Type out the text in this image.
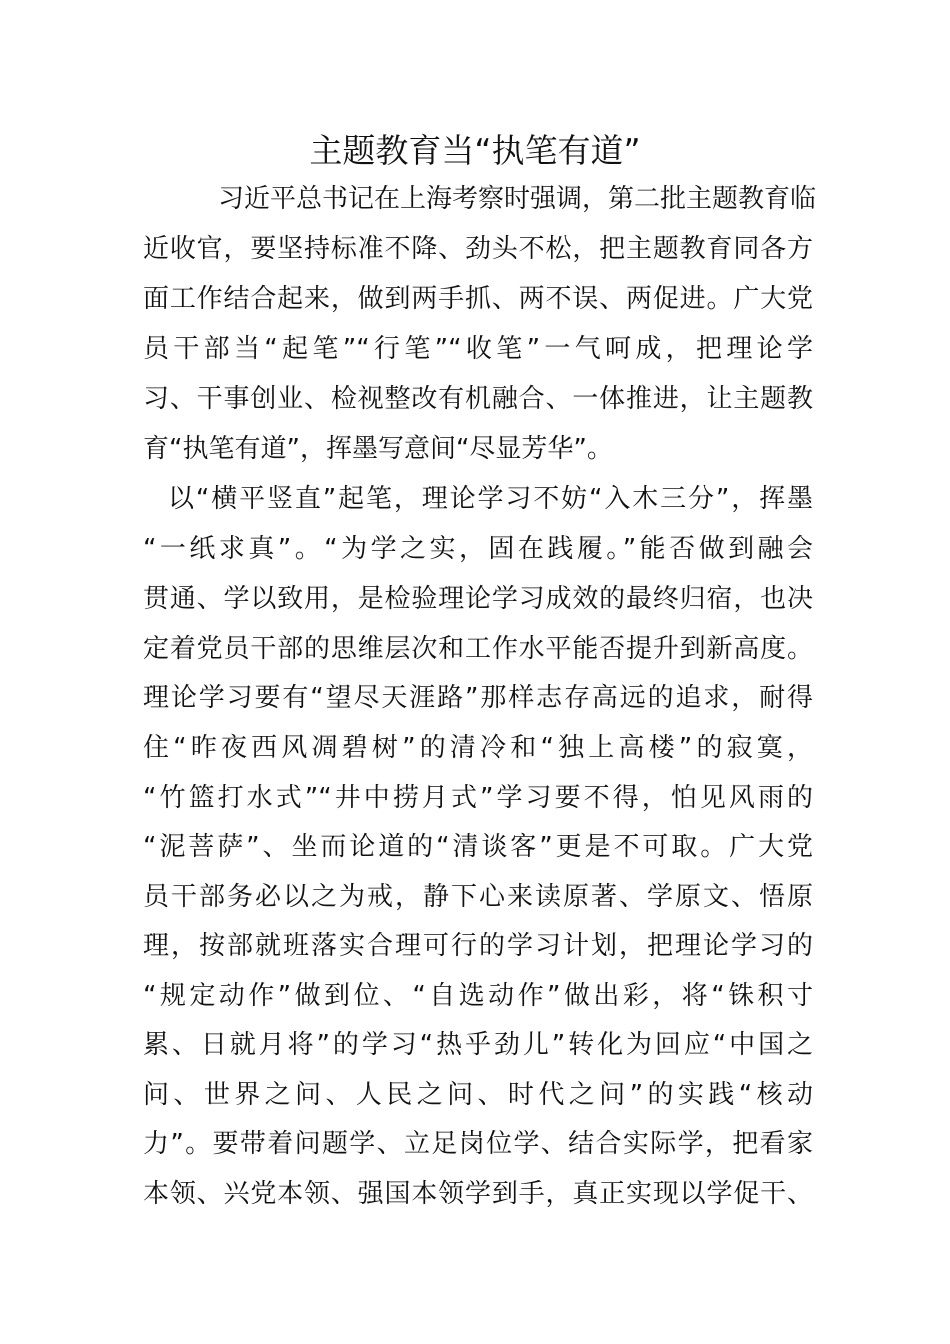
主题教育当“执笔有道”
习近平总书记在上海考察时强调，第二批主题教育临
近收官，要坚持标准不降、劲头不松，把主题教育同各方
面工作结合起来，做到两手抓、两不误、两促进。广大党
员干部当“起笔”“行笔”“收笔”一气呵成，把理论学
习、干事创业、检视整改有机融合、一体推进，让主题教
育“执笔有道”，挥墨写意间“尽显芳华”。
以“横平竖直”起笔，理论学习不妨“入木三分”，挥墨
“一纸求真”。“为学之实，固在践履。”能否做到融会
贯通、学以致用，是检验理论学习成效的最终归宿，也决
定着党员干部的思维层次和工作水平能否提升到新高度。
理论学习要有“望尽天涯路”那样志存高远的追求，耐得
住“昨夜西风凋碧树”的清冷和“独上高楼”的寂寞，
“竹篮打水式”“井中捞月式”学习要不得，怕见风雨的
“泥菩萨”、坐而论道的“清谈客”更是不可取。广大党
员干部务必以之为戒，静下心来读原著、学原文、悟原
理，按部就班落实合理可行的学习计划，把理论学习的
“规定动作”做到位、“自选动作”做出彩，将“铢积寸
累、日就月将”的学习“热乎劲儿”转化为回应“中国之
问、世界之问、人民之问、时代之问”的实践“核动
力”。要带着问题学、立足岗位学、结合实际学，把看家
本领、兴党本领、强国本领学到手，真正实现以学促干、
